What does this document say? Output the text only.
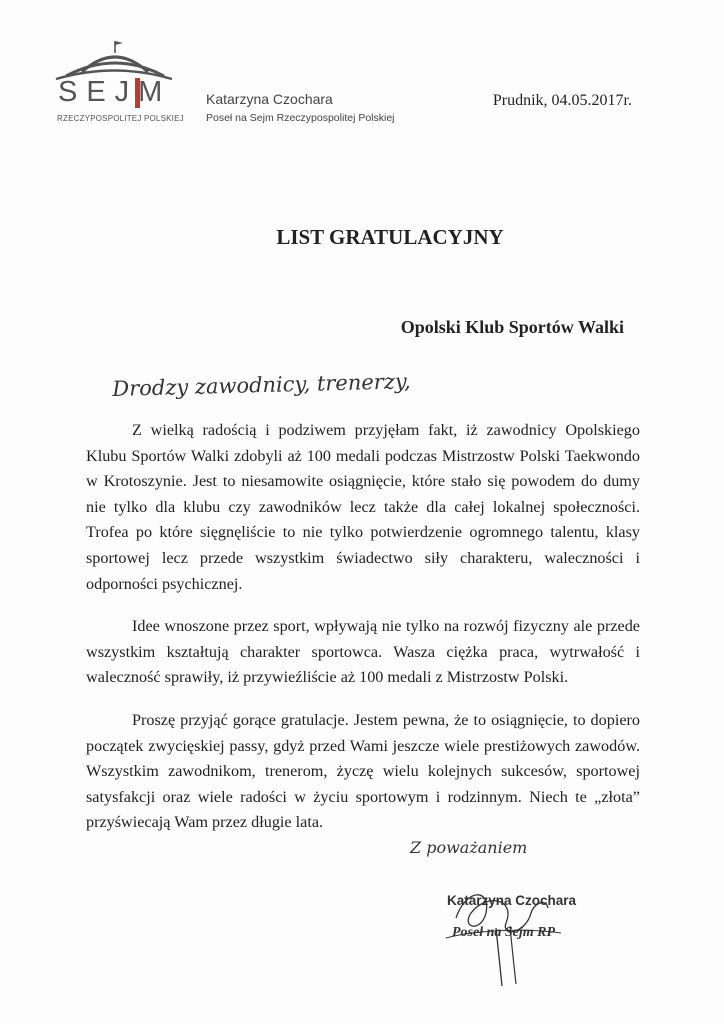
SEJM
RZECZYPOSPOLITEJ POLSKIEJ
Katarzyna Czochara
Poseł na Sejm Rzeczypospolitej Polskiej
Prudnik, 04.05.2017r.
LIST GRATULACYJNY
Opolski Klub Sportów Walki
Drodzy zawodnicy, trenerzy,

Z wielką radością i podziwem przyjęłam fakt, iż zawodnicy Opolskiego Klubu Sportów Walki zdobyli aż 100 medali podczas Mistrzostw Polski Taekwondo w Krotoszynie. Jest to niesamowite osiągnięcie, które stało się powodem do dumy nie tylko dla klubu czy zawodników lecz także dla całej lokalnej społeczności. Trofea po które sięgnęliście to nie tylko potwierdzenie ogromnego talentu, klasy sportowej lecz przede wszystkim świadectwo siły charakteru, waleczności i odporności psychicznej.

Idee wnoszone przez sport, wpływają nie tylko na rozwój fizyczny ale przede wszystkim kształtują charakter sportowca. Wasza ciężka praca, wytrwałość i waleczność sprawiły, iż przywieźliście aż 100 medali z Mistrzostw Polski.

Proszę przyjąć gorące gratulacje. Jestem pewna, że to osiągnięcie, to dopiero początek zwycięskiej passy, gdyż przed Wami jeszcze wiele prestiżowych zawodów. Wszystkim zawodnikom, trenerom, życzę wielu kolejnych sukcesów, sportowej satysfakcji oraz wiele radości w życiu sportowym i rodzinnym. Niech te „złota” przyświecają Wam przez długie lata.

Z poważaniem
Katarzyna Czochara
Poseł na Sejm RP
